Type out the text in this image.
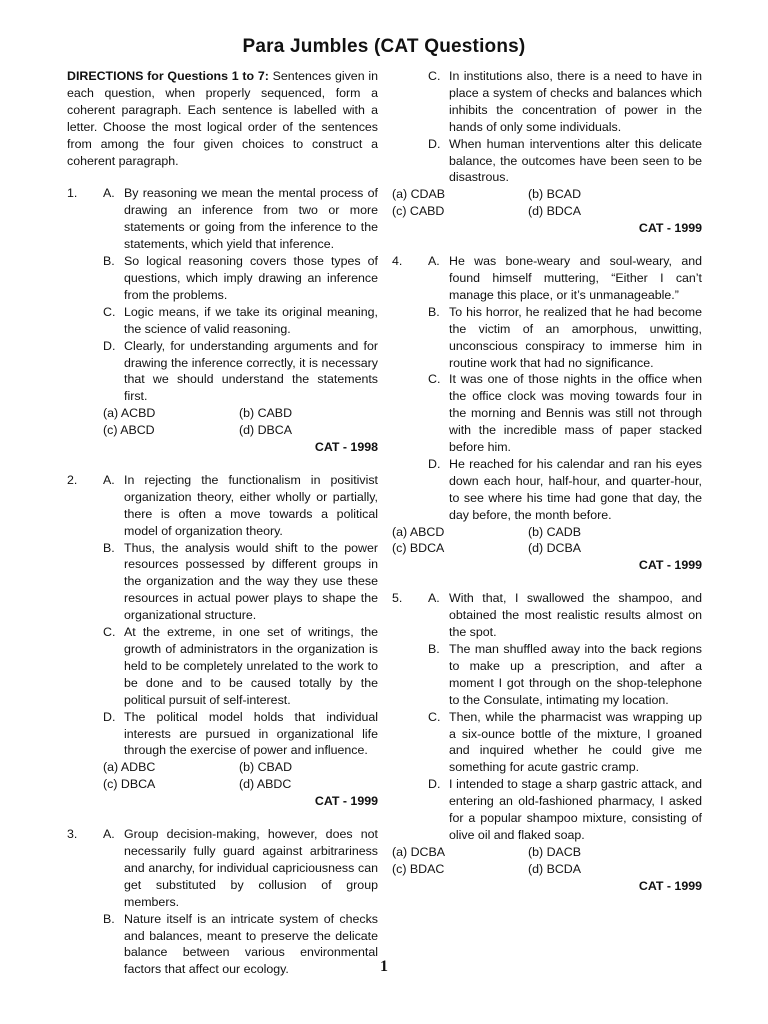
Para Jumbles (CAT Questions)
DIRECTIONS for Questions 1 to 7: Sentences given in each question, when properly sequenced, form a coherent paragraph. Each sentence is labelled with a letter. Choose the most logical order of the sentences from among the four given choices to construct a coherent paragraph.
1.	A. By reasoning we mean the mental process of drawing an inference from two or more statements or going from the inference to the statements, which yield that inference.
B. So logical reasoning covers those types of questions, which imply drawing an inference from the problems.
C. Logic means, if we take its original meaning, the science of valid reasoning.
D. Clearly, for understanding arguments and for drawing the inference correctly, it is necessary that we should understand the statements first.
(a) ACBD	(b) CABD
(c) ABCD	(d) DBCA
CAT - 1998
2.	A. In rejecting the functionalism in positivist organization theory, either wholly or partially, there is often a move towards a political model of organization theory.
B. Thus, the analysis would shift to the power resources possessed by different groups in the organization and the way they use these resources in actual power plays to shape the organizational structure.
C. At the extreme, in one set of writings, the growth of administrators in the organization is held to be completely unrelated to the work to be done and to be caused totally by the political pursuit of self-interest.
D. The political model holds that individual interests are pursued in organizational life through the exercise of power and influence.
(a) ADBC	(b) CBAD
(c) DBCA	(d) ABDC
CAT - 1999
3.	A. Group decision-making, however, does not necessarily fully guard against arbitrariness and anarchy, for individual capriciousness can get substituted by collusion of group members.
B. Nature itself is an intricate system of checks and balances, meant to preserve the delicate balance between various environmental factors that affect our ecology.
C. In institutions also, there is a need to have in place a system of checks and balances which inhibits the concentration of power in the hands of only some individuals.
D. When human interventions alter this delicate balance, the outcomes have been seen to be disastrous.
(a) CDAB	(b) BCAD
(c) CABD	(d) BDCA
CAT - 1999
4.	A. He was bone-weary and soul-weary, and found himself muttering, “Either I can’t manage this place, or it’s unmanageable.”
B. To his horror, he realized that he had become the victim of an amorphous, unwitting, unconscious conspiracy to immerse him in routine work that had no significance.
C. It was one of those nights in the office when the office clock was moving towards four in the morning and Bennis was still not through with the incredible mass of paper stacked before him.
D. He reached for his calendar and ran his eyes down each hour, half-hour, and quarter-hour, to see where his time had gone that day, the day before, the month before.
(a) ABCD	(b) CADB
(c) BDCA	(d) DCBA
CAT - 1999
5.	A. With that, I swallowed the shampoo, and obtained the most realistic results almost on the spot.
B. The man shuffled away into the back regions to make up a prescription, and after a moment I got through on the shop-telephone to the Consulate, intimating my location.
C. Then, while the pharmacist was wrapping up a six-ounce bottle of the mixture, I groaned and inquired whether he could give me something for acute gastric cramp.
D. I intended to stage a sharp gastric attack, and entering an old-fashioned pharmacy, I asked for a popular shampoo mixture, consisting of olive oil and flaked soap.
(a) DCBA	(b) DACB
(c) BDAC	(d) BCDA
CAT - 1999
1
